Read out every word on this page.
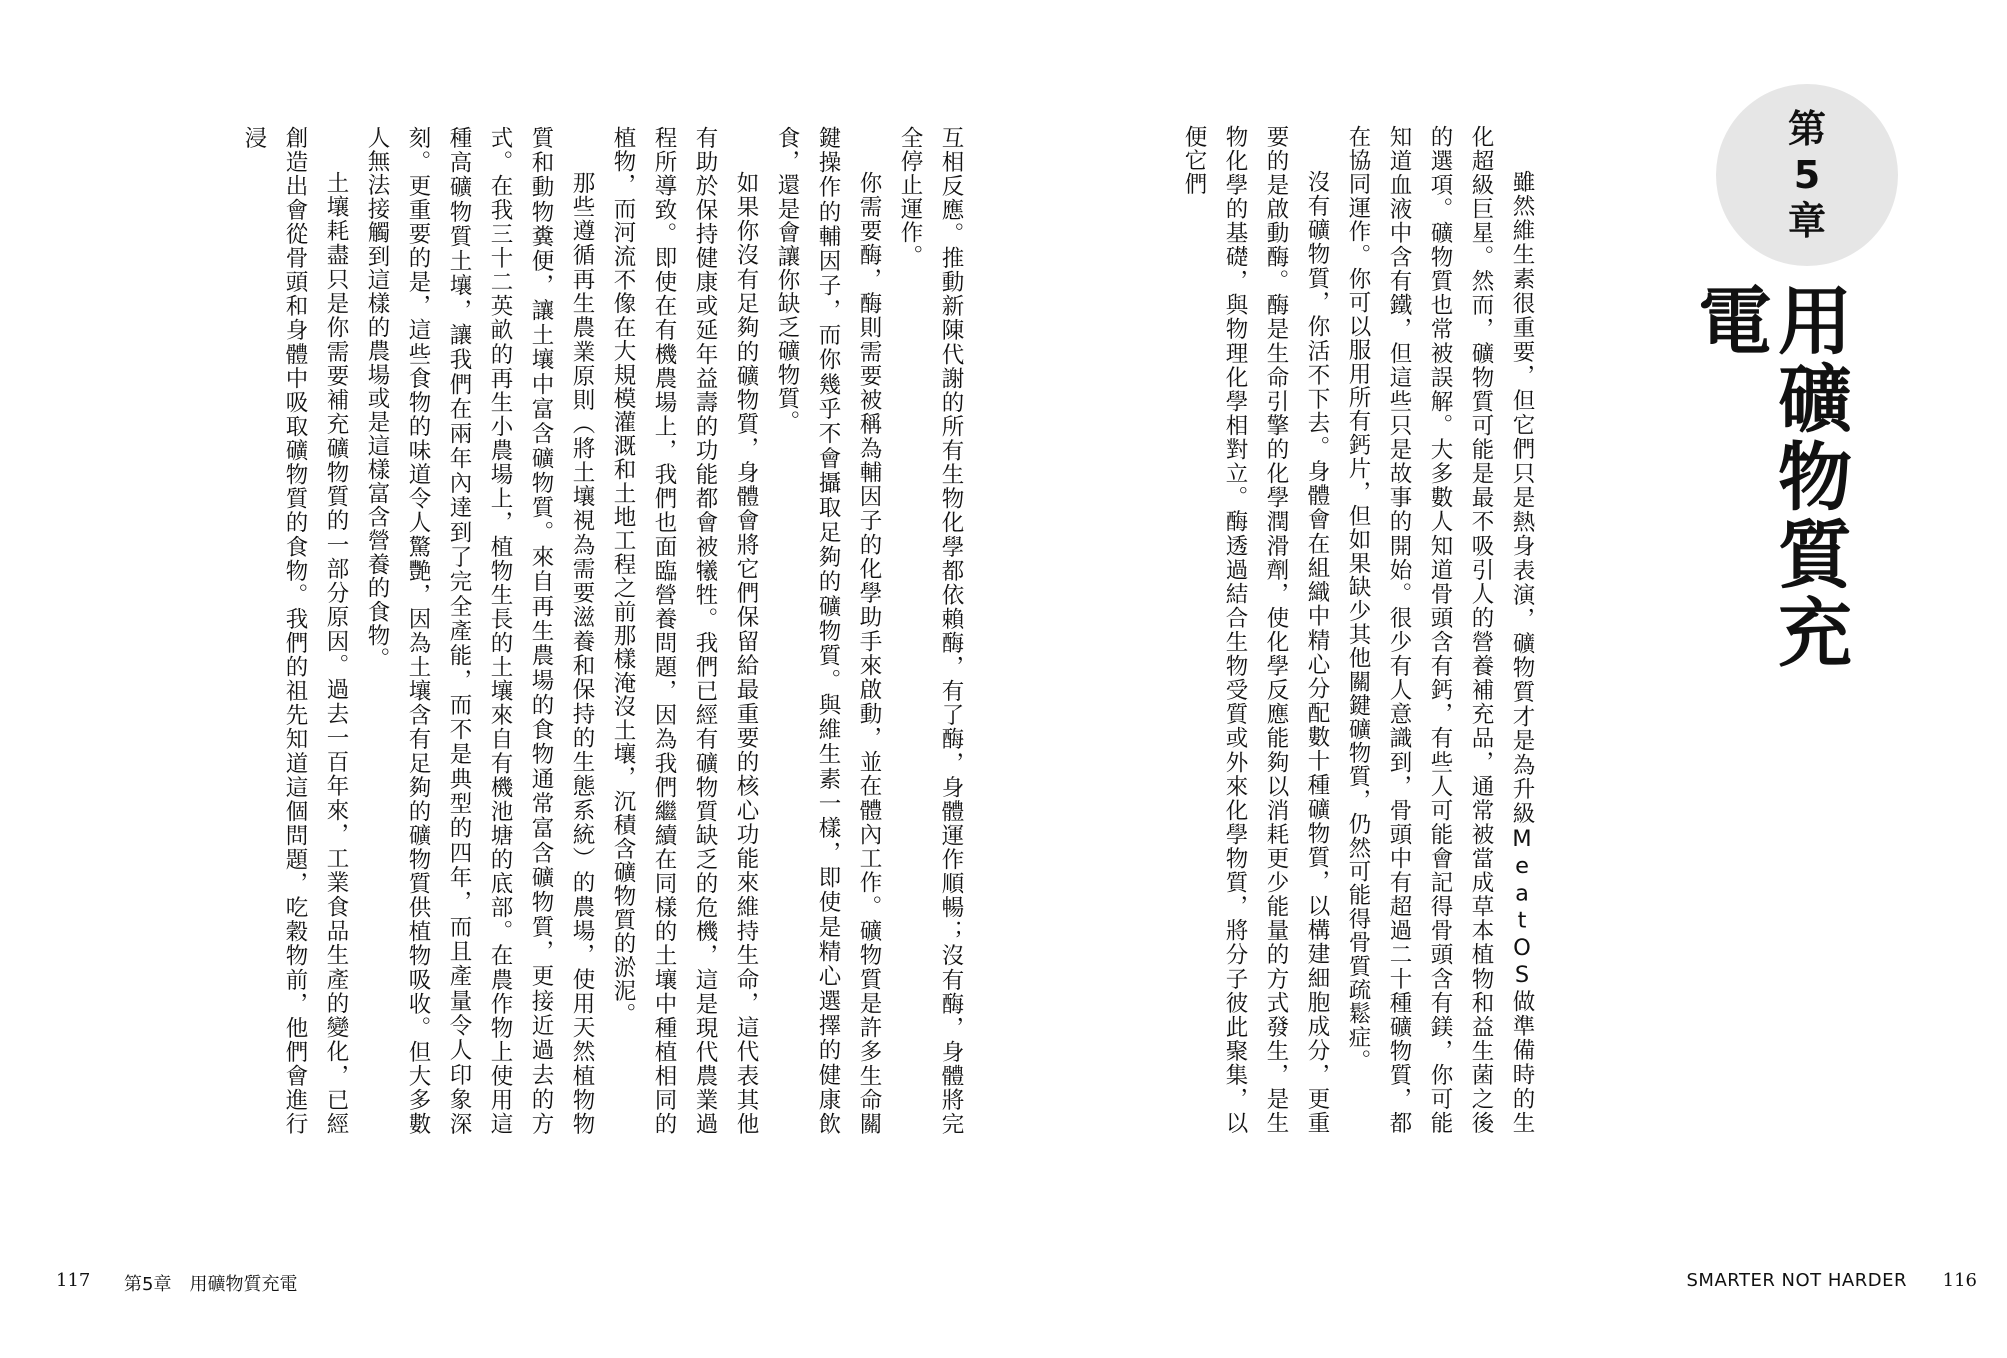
互相反應。推動新陳代謝的所有生物化學都依賴酶，有了酶，身體運作順暢；沒有酶，身體將完全停止運作。

你需要酶，酶則需要被稱為輔因子的化學助手來啟動，並在體內工作。礦物質是許多生命關鍵操作的輔因子，而你幾乎不會攝取足夠的礦物質。與維生素一樣，即使是精心選擇的健康飲食，還是會讓你缺乏礦物質。

如果你沒有足夠的礦物質，身體會將它們保留給最重要的核心功能來維持生命，這代表其他有助於保持健康或延年益壽的功能都會被犧牲。我們已經有礦物質缺乏的危機，這是現代農業過程所導致。即使在有機農場上，我們也面臨營養問題，因為我們繼續在同樣的土壤中種植相同的植物，而河流不像在大規模灌溉和土地工程之前那樣淹沒土壤，沉積含礦物質的淤泥。

那些遵循再生農業原則（將土壤視為需要滋養和保持的生態系統）的農場，使用天然植物物質和動物糞便，讓土壤中富含礦物質。來自再生農場的食物通常富含礦物質，更接近過去的方式。在我三十二英畝的再生小農場上，植物生長的土壤來自有機池塘的底部。在農作物上使用這種高礦物質土壤，讓我們在兩年內達到了完全產能，而不是典型的四年，而且產量令人印象深刻。更重要的是，這些食物的味道令人驚艷，因為土壤含有足夠的礦物質供植物吸收。但大多數人無法接觸到這樣的農場或是這樣富含營養的食物。

土壤耗盡只是你需要補充礦物質的一部分原因。過去一百年來，工業食品生產的變化，已經創造出會從骨頭和身體中吸取礦物質的食物。我們的祖先知道這個問題，吃穀物前，他們會進行浸

117 第5章　用礦物質充電

雖然維生素很重要，但它們只是熱身表演，礦物質才是為升級MeatOS做準備時的生化超級巨星。然而，礦物質可能是最不吸引人的營養補充品，通常被當成草本植物和益生菌之後的選項。礦物質也常被誤解。大多數人知道骨頭含有鈣，有些人可能會記得骨頭含有鎂，你可能知道血液中含有鐵，但這些只是故事的開始。很少有人意識到，骨頭中有超過二十種礦物質，都在協同運作。你可以服用所有鈣片，但如果缺少其他關鍵礦物質，仍然可能得骨質疏鬆症。

沒有礦物質，你活不下去。身體會在組織中精心分配數十種礦物質，以構建細胞成分，更重要的是啟動酶。酶是生命引擎的化學潤滑劑，使化學反應能夠以消耗更少能量的方式發生，是生物化學的基礎，與物理化學相對立。酶透過結合生物受質或外來化學物質，將分子彼此聚集，以便它們	第
5
章
用礦物質充電
SMARTER NOT HARDER 116
